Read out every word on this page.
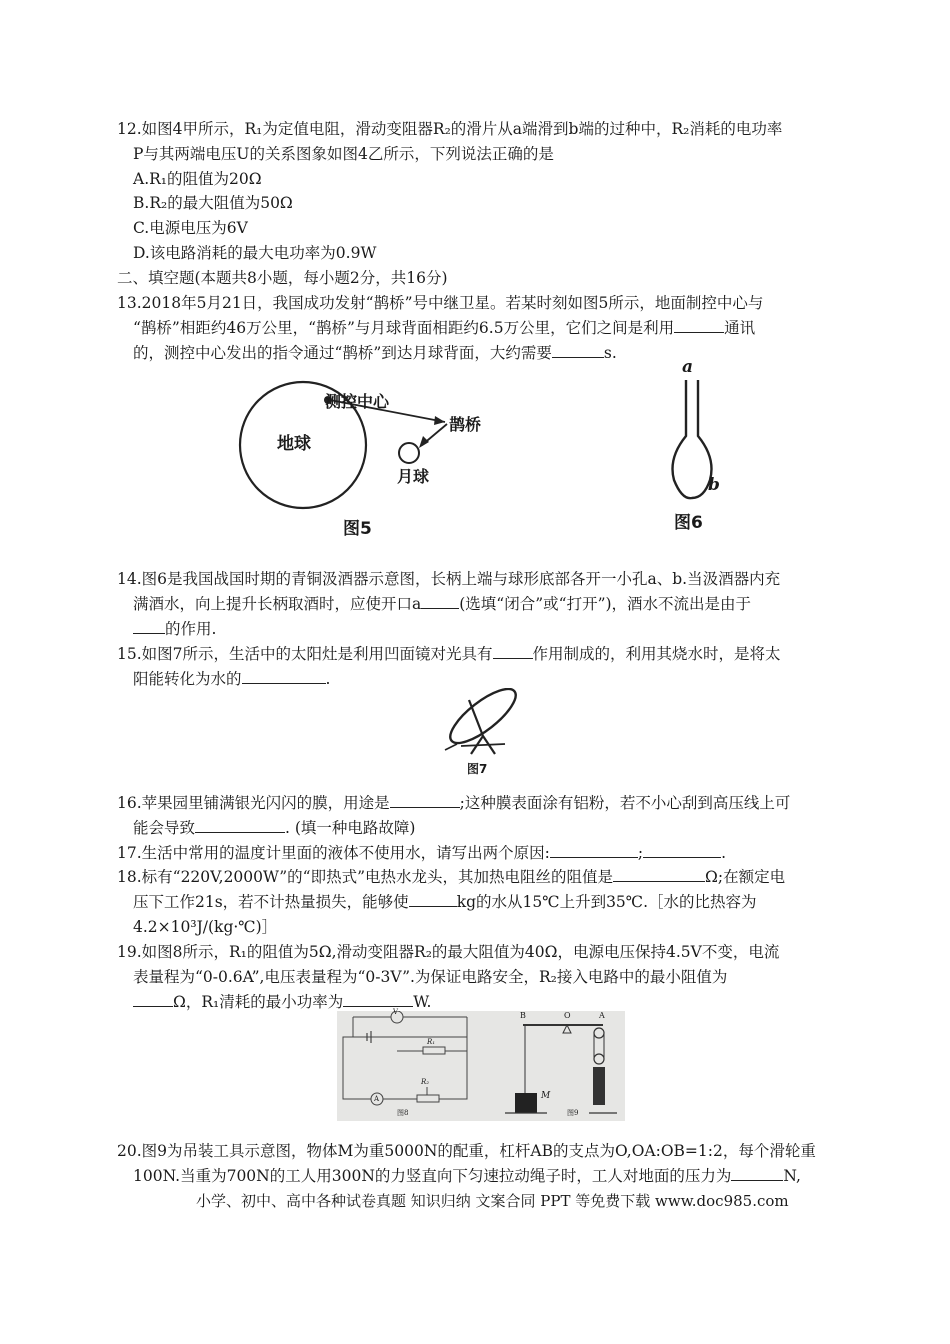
12.如图4甲所示，R₁为定值电阻，滑动变阻器R₂的滑片从a端滑到b端的过种中，R₂消耗的电功率
P与其两端电压U的关系图象如图4乙所示，下列说法正确的是
A.R₁的阻值为20Ω
B.R₂的最大阻值为50Ω
C.电源电压为6V
D.该电路消耗的最大电功率为0.9W
二、填空题(本题共8小题，每小题2分，共16分)
13.2018年5月21日，我国成功发射“鹊桥”号中继卫星。若某时刻如图5所示，地面制控中心与
“鹊桥”相距约46万公里，“鹊桥”与月球背面相距约6.5万公里，它们之间是利用	通讯
的，测控中心发出的指令通过“鹊桥”到达月球背面，大约需要	s.
地球
测控中心
鹊桥
月球
图5
a
b
图6
14.图6是我国战国时期的青铜汲酒器示意图，长柄上端与球形底部各开一小孔a、b.当汲酒器内充
满酒水，向上提升长柄取酒时，应使开口a (选填“闭合”或“打开”)，酒水不流出是由于
的作用.
15.如图7所示，生活中的太阳灶是利用凹面镜对光具有	作用制成的，利用其烧水时，是将太
阳能转化为水的	.
图7
16.苹果园里铺满银光闪闪的膜，用途是	;这种膜表面涂有铝粉，若不小心刮到高压线上可
能会导致	. (填一种电路故障)
17.生活中常用的温度计里面的液体不使用水，请写出两个原因:	;	.
18.标有“220V,2000W”的“即热式”电热水龙头，其加热电阻丝的阻值是	Ω;在额定电
压下工作21s，若不计热量损失，能够使	kg的水从15℃上升到35℃.［水的比热容为
4.2×10³J/(kg·℃)］
19.如图8所示，R₁的阻值为5Ω,滑动变阻器R₂的最大阻值为40Ω，电源电压保持4.5V不变，电流
表量程为“0-0.6A”,电压表量程为“0-3V”.为保证电路安全，R₂接入电路中的最小阻值为
Ω，R₁清耗的最小功率为	W.
V
A
R₁
R₂
图8
B	O	A
M
图9
20.图9为吊装工具示意图，物体M为重5000N的配重，杠杆AB的支点为O,OA:OB=1:2，每个滑轮重
100N.当重为700N的工人用300N的力竖直向下匀速拉动绳子时，工人对地面的压力为	N,
小学、初中、高中各种试卷真题 知识归纳 文案合同 PPT 等免费下载 www.doc985.com
